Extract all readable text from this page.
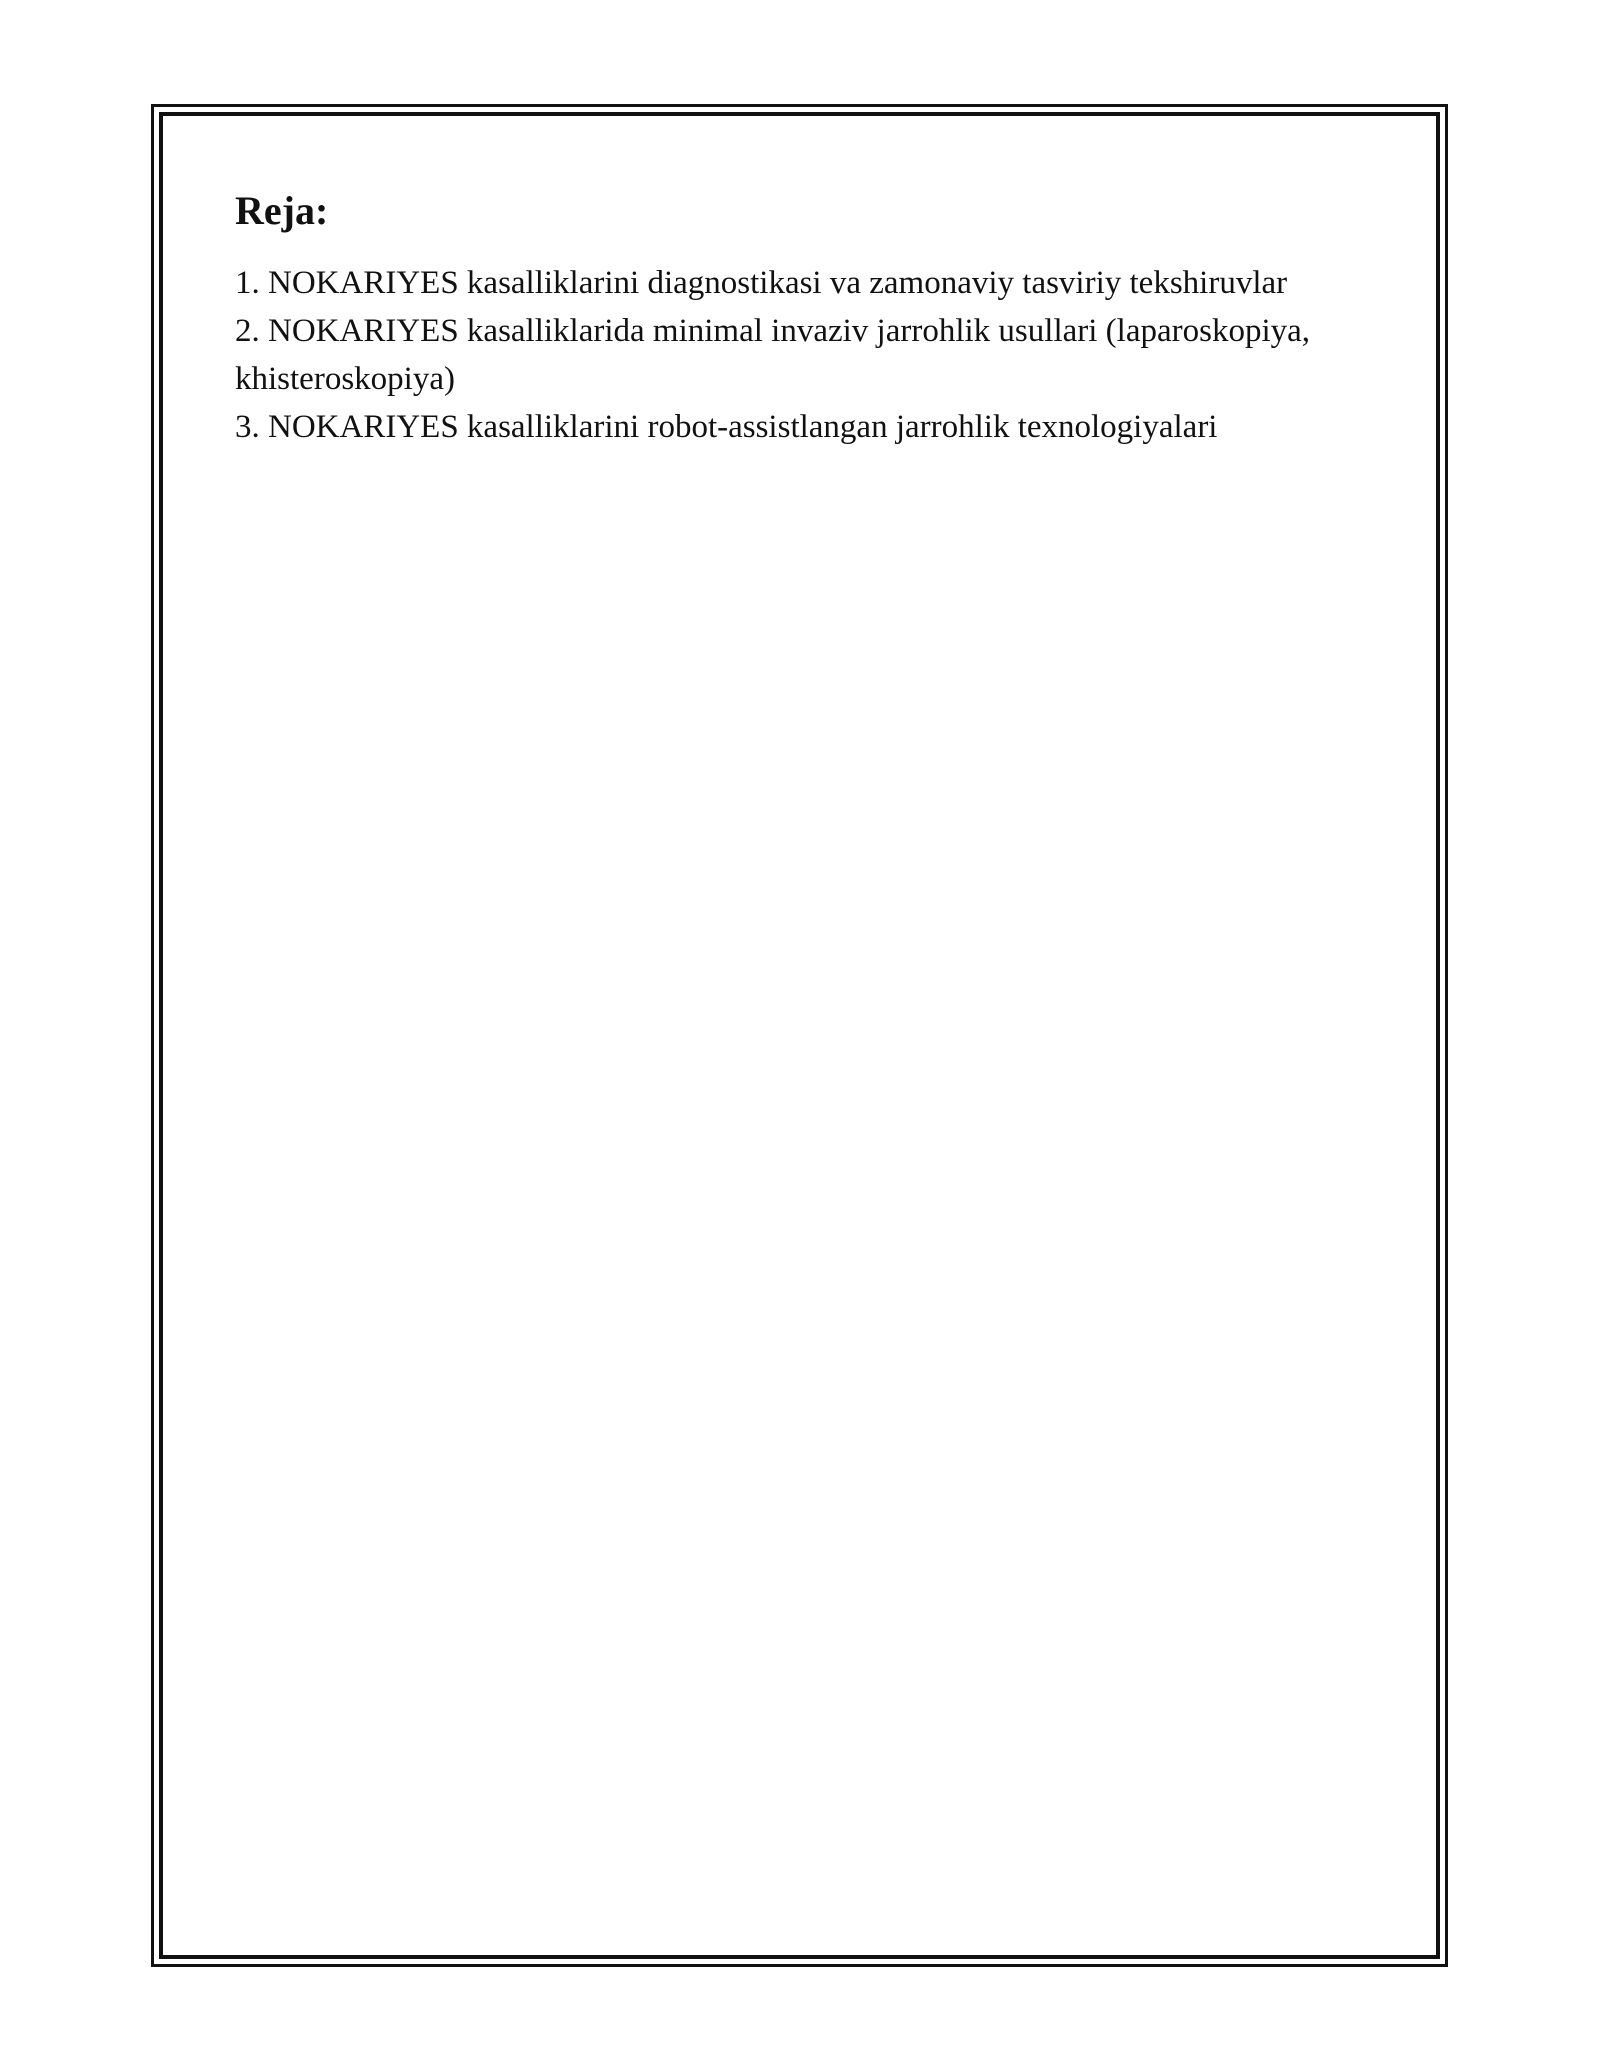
Reja:
1. NOKARIYES kasalliklarini diagnostikasi va zamonaviy tasviriy tekshiruvlar
2. NOKARIYES kasalliklarida minimal invaziv jarrohlik usullari (laparoskopiya, khisteroskopiya)
3. NOKARIYES kasalliklarini robot-assistlangan jarrohlik texnologiyalari
